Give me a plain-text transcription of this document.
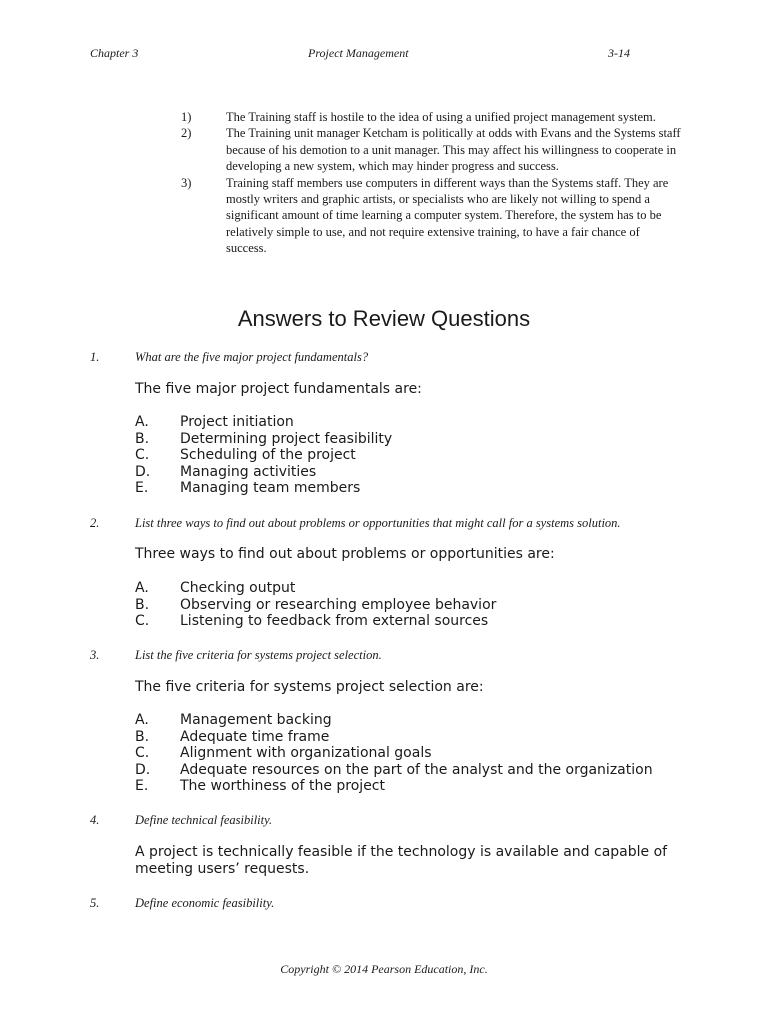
Chapter 3	Project Management	3-14
1)	The Training staff is hostile to the idea of using a unified project management system.
2)	The Training unit manager Ketcham is politically at odds with Evans and the Systems staff because of his demotion to a unit manager. This may affect his willingness to cooperate in developing a new system, which may hinder progress and success.
3)	Training staff members use computers in different ways than the Systems staff. They are mostly writers and graphic artists, or specialists who are likely not willing to spend a significant amount of time learning a computer system. Therefore, the system has to be relatively simple to use, and not require extensive training, to have a fair chance of success.
Answers to Review Questions
1.	What are the five major project fundamentals?
The five major project fundamentals are:
A. Project initiation
B. Determining project feasibility
C. Scheduling of the project
D. Managing activities
E. Managing team members
2.	List three ways to find out about problems or opportunities that might call for a systems solution.
Three ways to find out about problems or opportunities are:
A. Checking output
B. Observing or researching employee behavior
C. Listening to feedback from external sources
3.	List the five criteria for systems project selection.
The five criteria for systems project selection are:
A. Management backing
B. Adequate time frame
C. Alignment with organizational goals
D. Adequate resources on the part of the analyst and the organization
E. The worthiness of the project
4.	Define technical feasibility.
A project is technically feasible if the technology is available and capable of meeting users’ requests.
5.	Define economic feasibility.
Copyright © 2014 Pearson Education, Inc.
